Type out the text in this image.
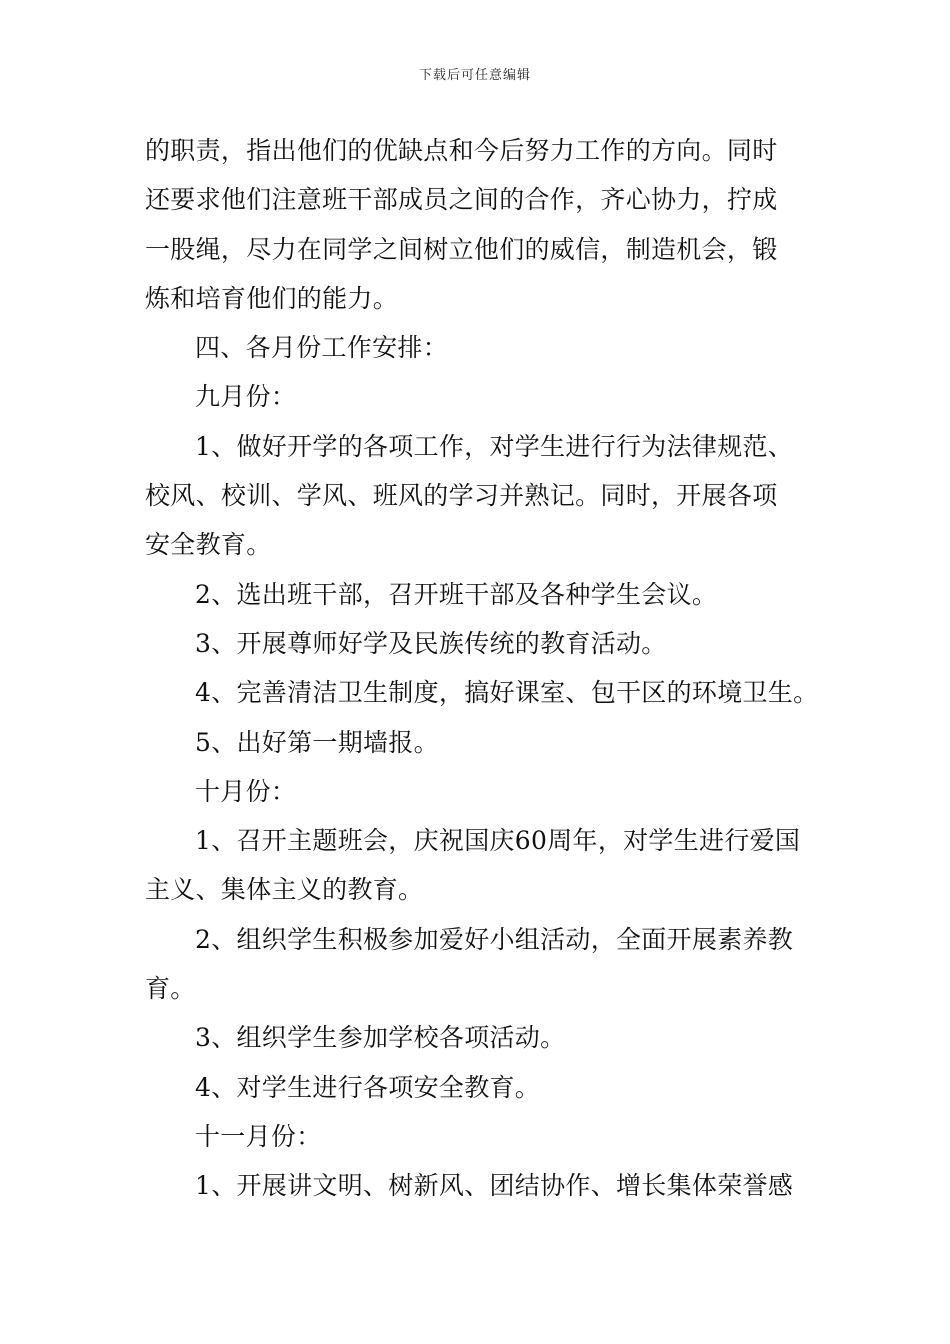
下载后可任意编辑
的职责，指出他们的优缺点和今后努力工作的方向。同时
还要求他们注意班干部成员之间的合作，齐心协力，拧成
一股绳，尽力在同学之间树立他们的威信，制造机会，锻
炼和培育他们的能力。
四、各月份工作安排：
九月份：
1、做好开学的各项工作，对学生进行行为法律规范、
校风、校训、学风、班风的学习并熟记。同时，开展各项
安全教育。
2、选出班干部，召开班干部及各种学生会议。
3、开展尊师好学及民族传统的教育活动。
4、完善清洁卫生制度，搞好课室、包干区的环境卫生。
5、出好第一期墙报。
十月份：
1、召开主题班会，庆祝国庆60周年，对学生进行爱国
主义、集体主义的教育。
2、组织学生积极参加爱好小组活动，全面开展素养教
育。
3、组织学生参加学校各项活动。
4、对学生进行各项安全教育。
十一月份：
1、开展讲文明、树新风、团结协作、增长集体荣誉感
